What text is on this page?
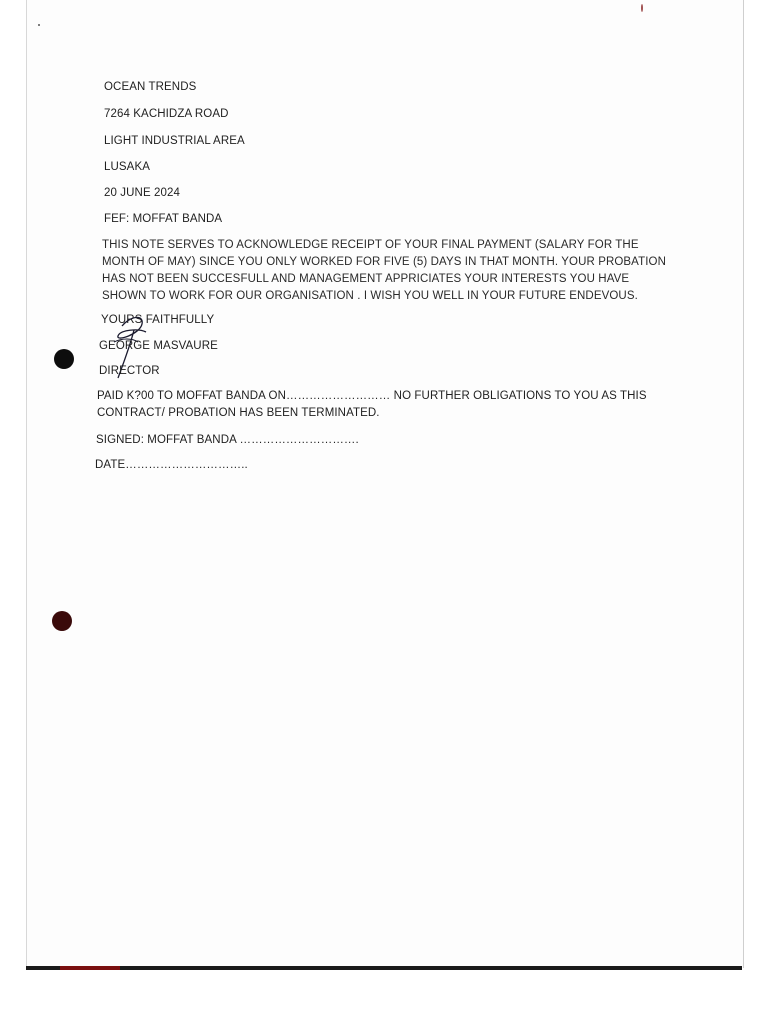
OCEAN TRENDS
7264 KACHIDZA ROAD
LIGHT INDUSTRIAL AREA
LUSAKA
20 JUNE 2024
FEF: MOFFAT BANDA
THIS NOTE SERVES TO ACKNOWLEDGE RECEIPT OF YOUR FINAL PAYMENT (SALARY FOR THE MONTH OF MAY) SINCE YOU ONLY WORKED FOR FIVE (5) DAYS IN THAT MONTH. YOUR PROBATION HAS NOT BEEN SUCCESFULL AND MANAGEMENT APPRICIATES YOUR INTERESTS YOU HAVE SHOWN TO WORK FOR OUR ORGANISATION . I WISH YOU WELL IN YOUR FUTURE ENDEVOUS.
YOURS FAITHFULLY
GEORGE MASVAURE
DIRECTOR
PAID K?00 TO MOFFAT BANDA ON……………………… NO FURTHER OBLIGATIONS TO YOU AS THIS
CONTRACT/ PROBATION HAS BEEN TERMINATED.
SIGNED: MOFFAT BANDA ………………………….
DATE…………………………..
